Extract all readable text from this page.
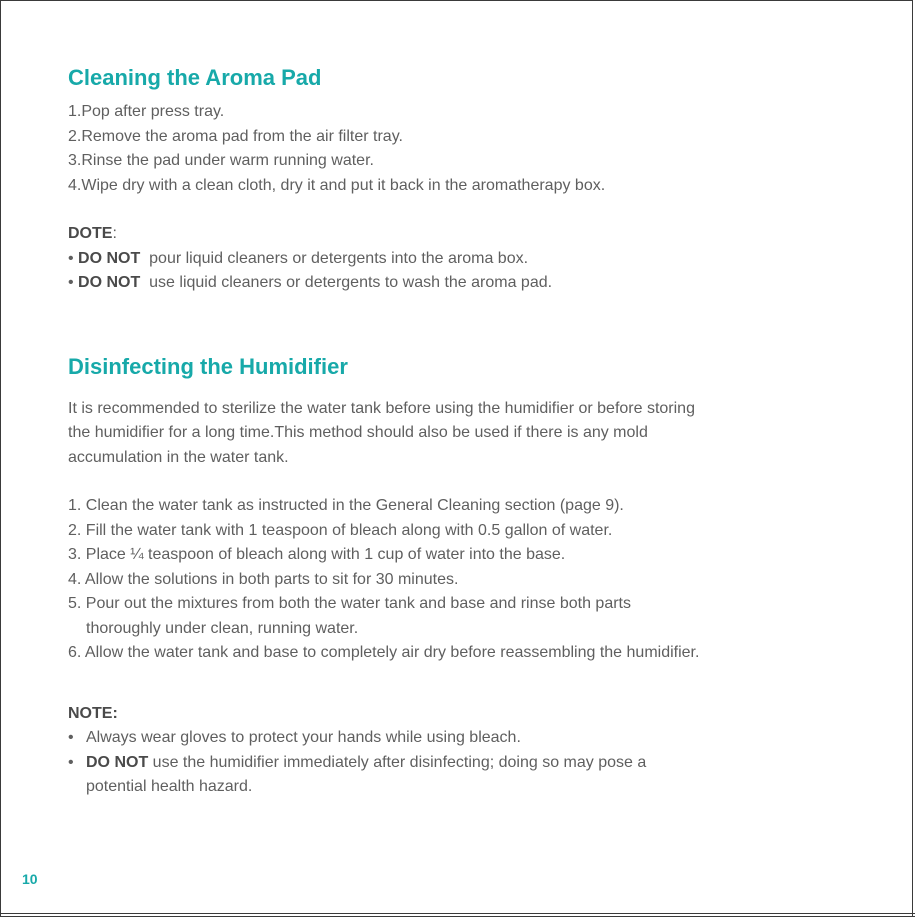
Cleaning the Aroma Pad
1.Pop after press tray.
2.Remove the aroma pad from the air filter tray.
3.Rinse the pad under warm running water.
4.Wipe dry with a clean cloth, dry it and put it back in the aromatherapy box.
DOTE:
• DO NOT  pour liquid cleaners or detergents into the aroma box.
• DO NOT  use liquid cleaners or detergents to wash the aroma pad.
Disinfecting the Humidifier
It is recommended to sterilize the water tank before using the humidifier or before storing
the humidifier for a long time.This method should also be used if there is any mold
accumulation in the water tank.
1. Clean the water tank as instructed in the General Cleaning section (page 9).
2. Fill the water tank with 1 teaspoon of bleach along with 0.5 gallon of water.
3. Place ¼ teaspoon of bleach along with 1 cup of water into the base.
4. Allow the solutions in both parts to sit for 30 minutes.
5. Pour out the mixtures from both the water tank and base and rinse both parts
thoroughly under clean, running water.
6. Allow the water tank and base to completely air dry before reassembling the humidifier.
NOTE:
• Always wear gloves to protect your hands while using bleach.
• DO NOT use the humidifier immediately after disinfecting; doing so may pose a
potential health hazard.
10
